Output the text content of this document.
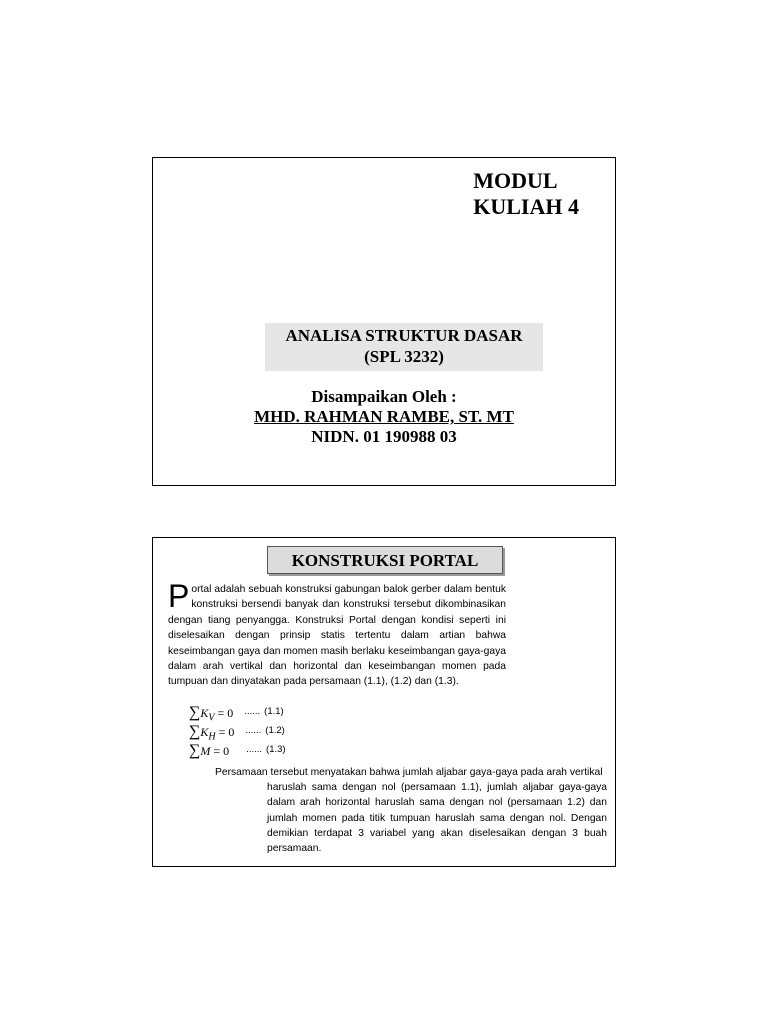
MODUL
KULIAH 4
ANALISA STRUKTUR DASAR
(SPL 3232)
Disampaikan Oleh :
MHD. RAHMAN RAMBE, ST. MT
NIDN. 01 190988 03
KONSTRUKSI PORTAL
Portal adalah sebuah konstruksi gabungan balok gerber dalam bentuk konstruksi bersendi banyak dan konstruksi tersebut dikombinasikan dengan tiang penyangga. Konstruksi Portal dengan kondisi seperti ini diselesaikan dengan prinsip statis tertentu dalam artian bahwa keseimbangan gaya dan momen masih berlaku keseimbangan gaya-gaya dalam arah vertikal dan horizontal dan keseimbangan momen pada tumpuan dan dinyatakan pada persamaan (1.1), (1.2) dan (1.3).
$\sum K_V = 0$ ...... $^{(1.1)}$
$\sum K_H = 0$ ...... $^{(1.2)}$
∑M = 0 ...... $^{(1.3)}$
Persamaan tersebut menyatakan bahwa jumlah aljabar gaya-gaya pada arah vertikal
haruslah sama dengan nol (persamaan 1.1), jumlah aljabar gaya-gaya dalam arah horizontal haruslah sama dengan nol (persamaan 1.2) dan jumlah momen pada titik tumpuan haruslah sama dengan nol. Dengan demikian terdapat 3 variabel yang akan diselesaikan dengan 3 buah persamaan.
